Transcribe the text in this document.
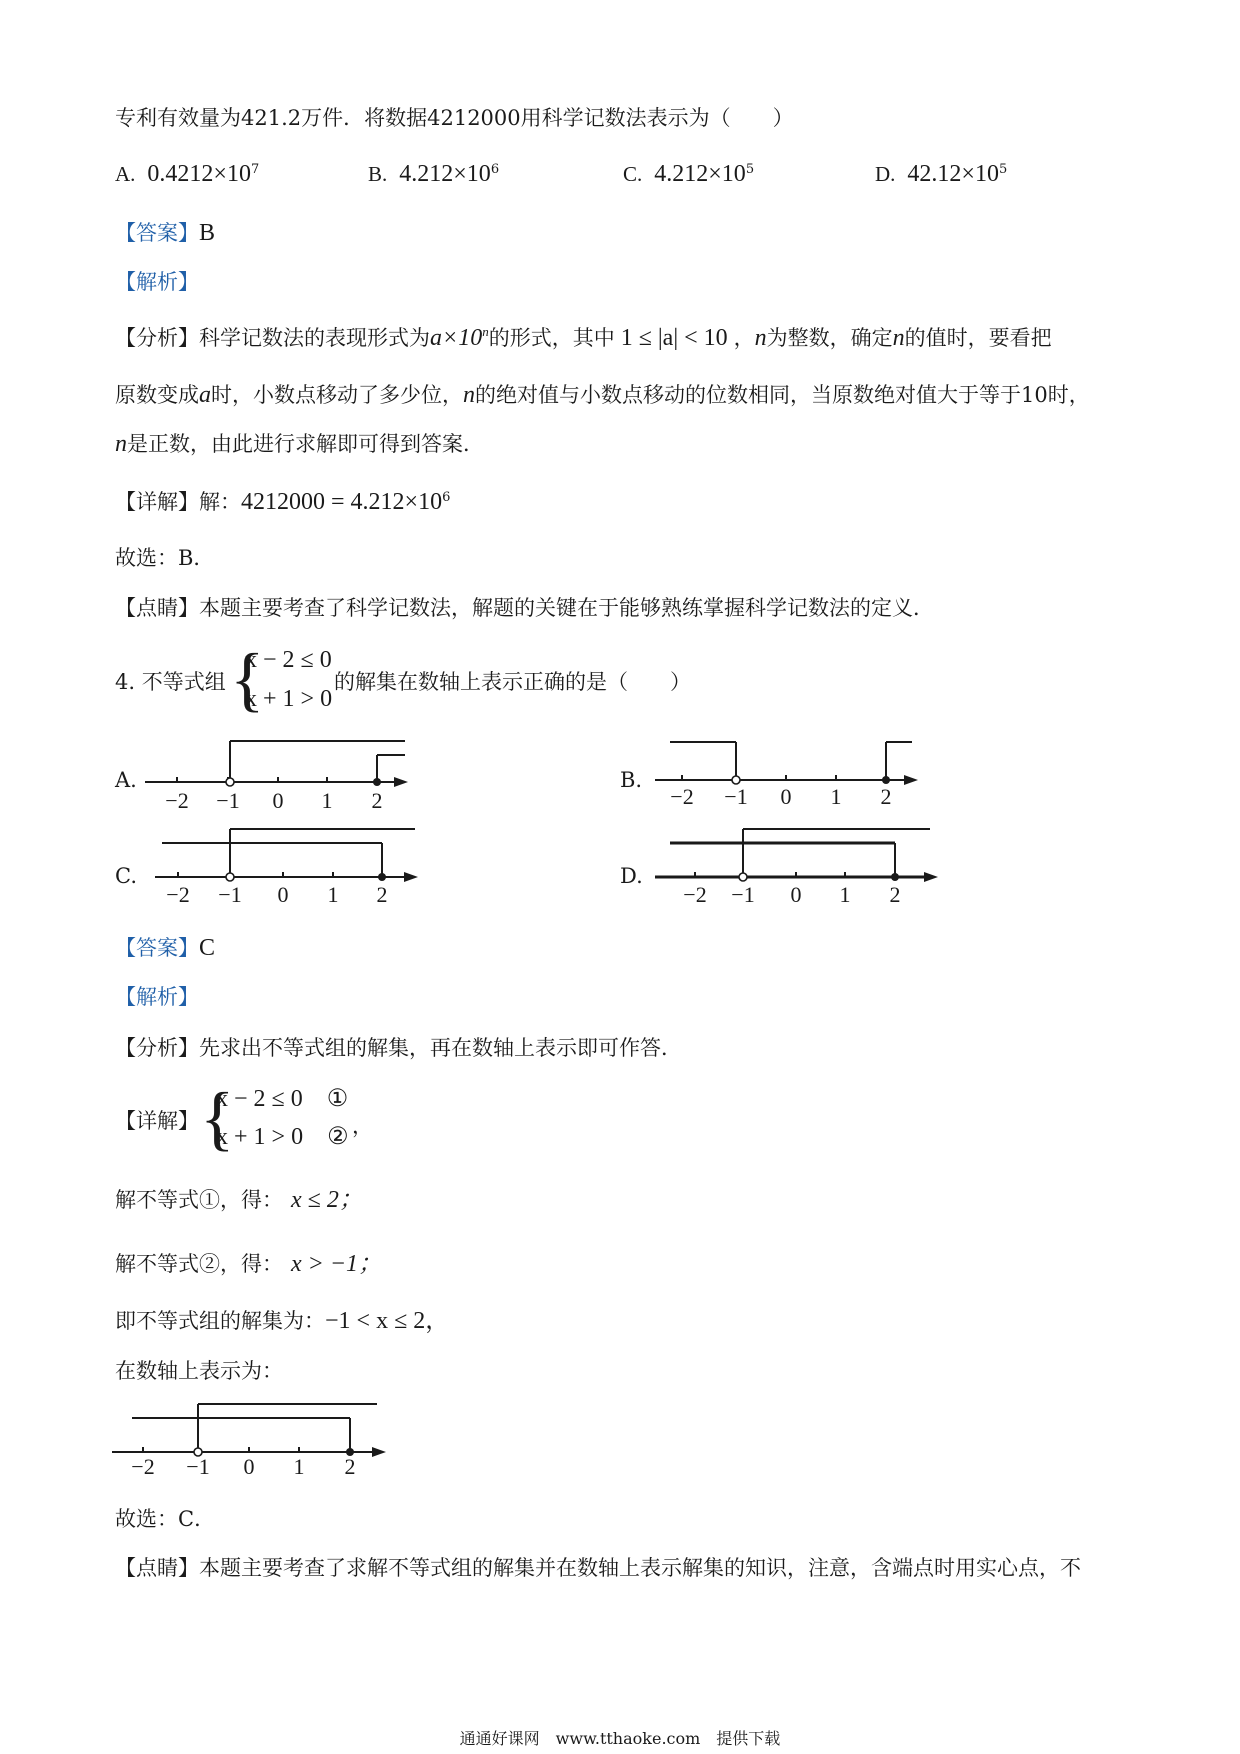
专利有效量为421.2万件．将数据4212000用科学记数法表示为（　　）
A. $0.4212\times 10^7$	B. $4.212\times 10^6$	C. $4.212\times 10^5$	D. $42.12\times 10^5$
【答案】B
【解析】
【分析】科学记数法的表现形式为$a\times 10^n$的形式，其中 1 ≤ |a| < 10 ，n为整数，确定n的值时，要看把
原数变成a时，小数点移动了多少位，n的绝对值与小数点移动的位数相同，当原数绝对值大于等于10时，
n是正数，由此进行求解即可得到答案．
【详解】解：$4212000 = 4.212\times 10^6$
故选：B．
【点睛】本题主要考查了科学记数法，解题的关键在于能够熟练掌握科学记数法的定义．
4. 不等式组 {
x − 2 ≤ 0
x + 1 > 0
的解集在数轴上表示正确的是（　　）
A.	B.
C.	D.
−2 −1 0 1 2	−2 −1 0 1 2
−2 −1 0 1 2	−2 −1 0 1 2
【答案】C
【解析】
【分析】先求出不等式组的解集，再在数轴上表示即可作答．
【详解】 {
x − 2 ≤ 0 ①
x + 1 > 0 ② ，
解不等式①，得： x ≤ 2；
解不等式②，得： x > −1；
即不等式组的解集为：−1 < x ≤ 2，
在数轴上表示为：
−2 −1 0 1 2
故选：C．
【点睛】本题主要考查了求解不等式组的解集并在数轴上表示解集的知识，注意，含端点时用实心点，不
通通好课网　www.tthaoke.com　提供下载
